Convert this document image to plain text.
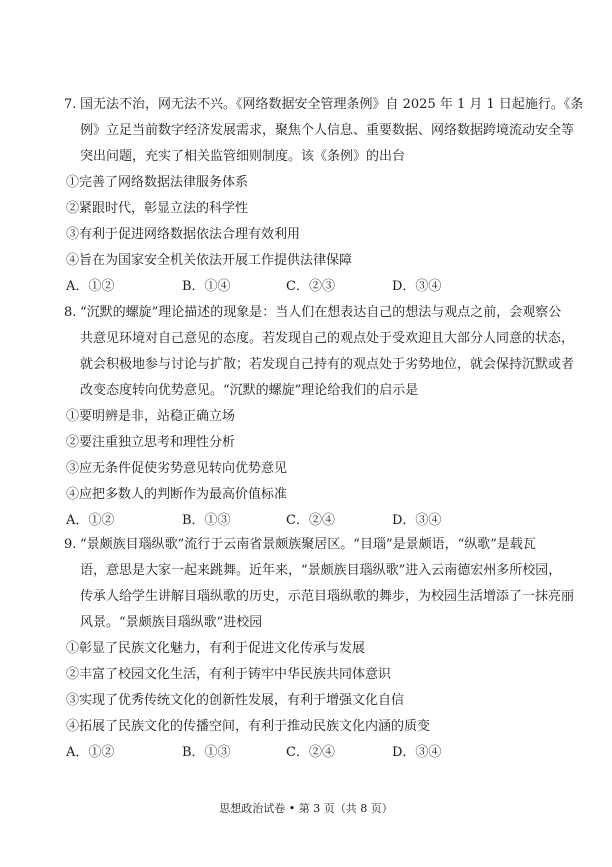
7. 国无法不治，网无法不兴。《网络数据安全管理条例》自 2025 年 1 月 1 日起施行。《条
例》立足当前数字经济发展需求，聚焦个人信息、重要数据、网络数据跨境流动安全等
突出问题，充实了相关监管细则制度。该《条例》的出台
①完善了网络数据法律服务体系
②紧跟时代，彰显立法的科学性
③有利于促进网络数据依法合理有效利用
④旨在为国家安全机关依法开展工作提供法律保障
A．①②	B．①④	C．②③	D．③④
8. “沉默的螺旋”理论描述的现象是：当人们在想表达自己的想法与观点之前，会观察公
共意见环境对自己意见的态度。若发现自己的观点处于受欢迎且大部分人同意的状态，
就会积极地参与讨论与扩散；若发现自己持有的观点处于劣势地位，就会保持沉默或者
改变态度转向优势意见。“沉默的螺旋”理论给我们的启示是
①要明辨是非，站稳正确立场
②要注重独立思考和理性分析
③应无条件促使劣势意见转向优势意见
④应把多数人的判断作为最高价值标准
A．①②	B．①③	C．②④	D．③④
9. “景颇族目瑙纵歌”流行于云南省景颇族聚居区。“目瑙”是景颇语，“纵歌”是载瓦
语，意思是大家一起来跳舞。近年来，“景颇族目瑙纵歌”进入云南德宏州多所校园，
传承人给学生讲解目瑙纵歌的历史，示范目瑙纵歌的舞步，为校园生活增添了一抹亮丽
风景。“景颇族目瑙纵歌”进校园
①彰显了民族文化魅力，有利于促进文化传承与发展
②丰富了校园文化生活，有利于铸牢中华民族共同体意识
③实现了优秀传统文化的创新性发展，有利于增强文化自信
④拓展了民族文化的传播空间，有利于推动民族文化内涵的质变
A．①②	B．①③	C．②④	D．③④
思想政治试卷 • 第 3 页（共 8 页）
